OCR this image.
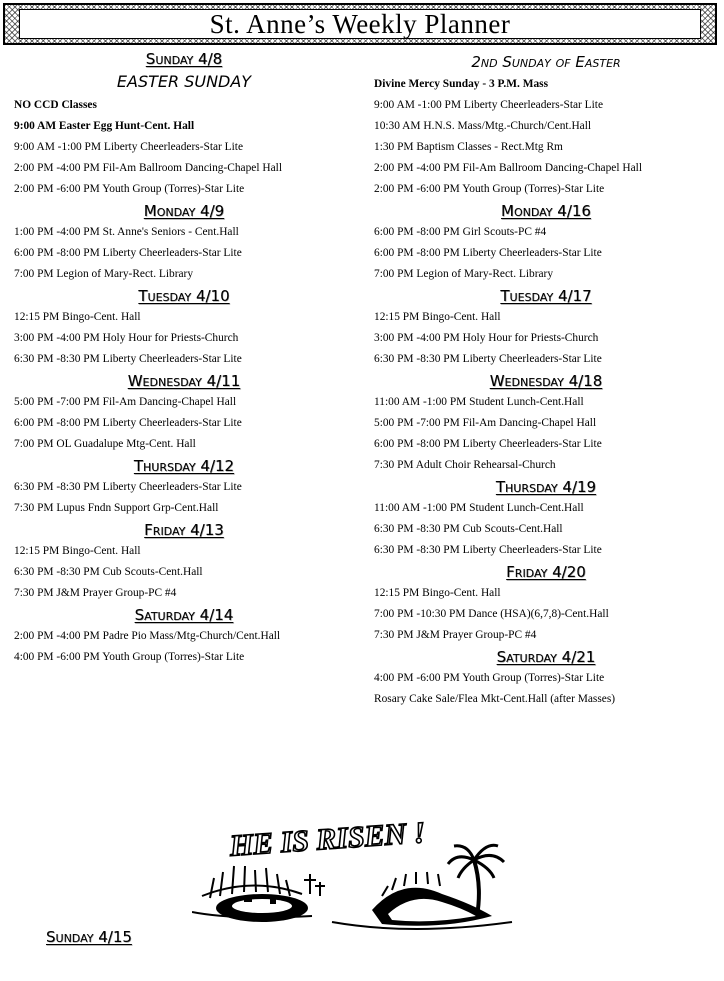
St. Anne’s Weekly Planner
Sunday 4/8
EASTER SUNDAY
NO CCD Classes
9:00 AM Easter Egg Hunt-Cent. Hall
9:00 AM -1:00 PM Liberty Cheerleaders-Star Lite
2:00 PM -4:00 PM Fil-Am Ballroom Dancing-Chapel Hall
2:00 PM -6:00 PM Youth Group (Torres)-Star Lite
Monday 4/9
1:00 PM -4:00 PM St. Anne's Seniors - Cent.Hall
6:00 PM -8:00 PM Liberty Cheerleaders-Star Lite
7:00 PM Legion of Mary-Rect. Library
Tuesday 4/10
12:15 PM Bingo-Cent. Hall
3:00 PM -4:00 PM Holy Hour for Priests-Church
6:30 PM -8:30 PM Liberty Cheerleaders-Star Lite
Wednesday 4/11
5:00 PM -7:00 PM Fil-Am Dancing-Chapel Hall
6:00 PM -8:00 PM Liberty Cheerleaders-Star Lite
7:00 PM OL Guadalupe Mtg-Cent. Hall
Thursday 4/12
6:30 PM -8:30 PM Liberty Cheerleaders-Star Lite
7:30 PM Lupus Fndn Support Grp-Cent.Hall
Friday 4/13
12:15 PM Bingo-Cent. Hall
6:30 PM -8:30 PM Cub Scouts-Cent.Hall
7:30 PM J&M Prayer Group-PC #4
Saturday 4/14
2:00 PM -4:00 PM Padre Pio Mass/Mtg-Church/Cent.Hall
4:00 PM -6:00 PM Youth Group (Torres)-Star Lite
2nd Sunday of Easter
Divine Mercy Sunday - 3 P.M. Mass
9:00 AM -1:00 PM Liberty Cheerleaders-Star Lite
10:30 AM H.N.S. Mass/Mtg.-Church/Cent.Hall
1:30 PM Baptism Classes - Rect.Mtg Rm
2:00 PM -4:00 PM Fil-Am Ballroom Dancing-Chapel Hall
2:00 PM -6:00 PM Youth Group (Torres)-Star Lite
Monday 4/16
6:00 PM -8:00 PM Girl Scouts-PC #4
6:00 PM -8:00 PM Liberty Cheerleaders-Star Lite
7:00 PM Legion of Mary-Rect. Library
Tuesday 4/17
12:15 PM Bingo-Cent. Hall
3:00 PM -4:00 PM Holy Hour for Priests-Church
6:30 PM -8:30 PM Liberty Cheerleaders-Star Lite
Wednesday 4/18
11:00 AM -1:00 PM Student Lunch-Cent.Hall
5:00 PM -7:00 PM Fil-Am Dancing-Chapel Hall
6:00 PM -8:00 PM Liberty Cheerleaders-Star Lite
7:30 PM Adult Choir Rehearsal-Church
Thursday 4/19
11:00 AM -1:00 PM Student Lunch-Cent.Hall
6:30 PM -8:30 PM Cub Scouts-Cent.Hall
6:30 PM -8:30 PM Liberty Cheerleaders-Star Lite
Friday 4/20
12:15 PM Bingo-Cent. Hall
7:00 PM -10:30 PM Dance (HSA)(6,7,8)-Cent.Hall
7:30 PM J&M Prayer Group-PC #4
Saturday 4/21
4:00 PM -6:00 PM Youth Group (Torres)-Star Lite
Rosary Cake Sale/Flea Mkt-Cent.Hall (after Masses)
HE IS RISEN !
Sunday 4/15
